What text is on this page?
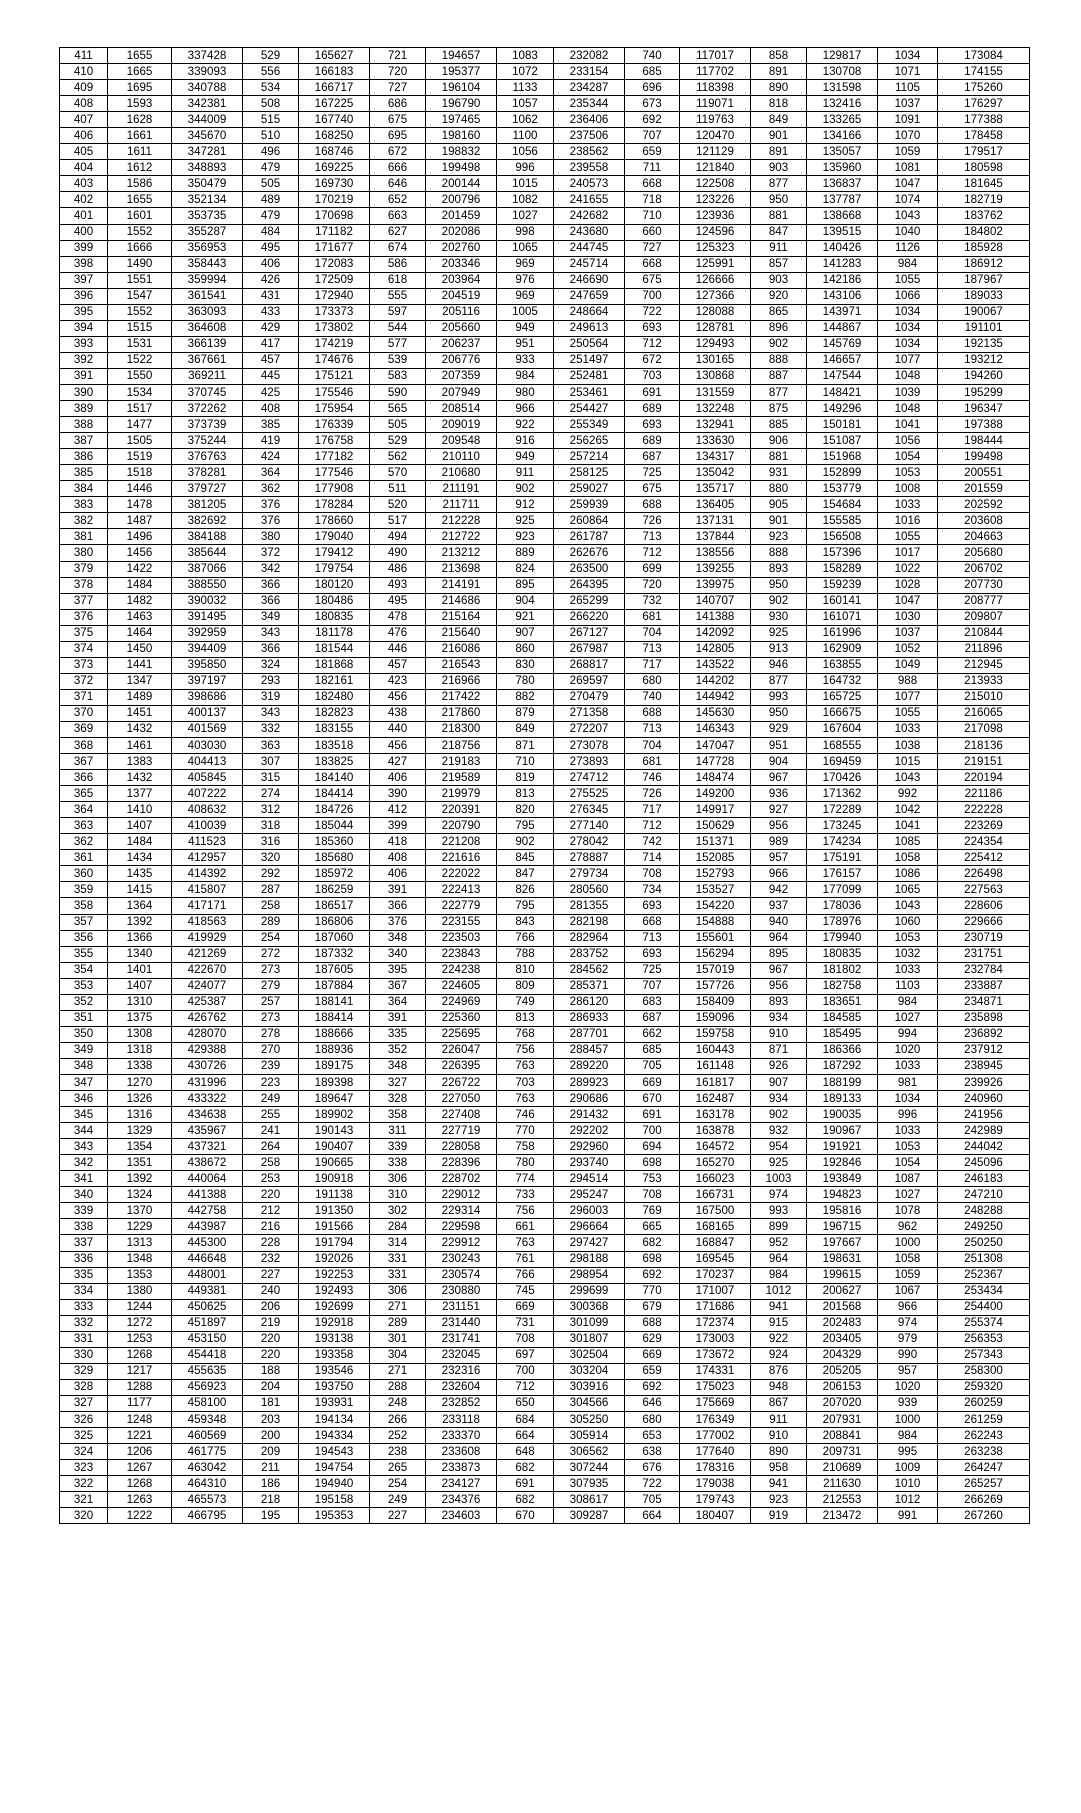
411	1655	337428	529	165627	721	194657	1083	232082	740	117017	858	129817	1034	173084
410	1665	339093	556	166183	720	195377	1072	233154	685	117702	891	130708	1071	174155
409	1695	340788	534	166717	727	196104	1133	234287	696	118398	890	131598	1105	175260
408	1593	342381	508	167225	686	196790	1057	235344	673	119071	818	132416	1037	176297
407	1628	344009	515	167740	675	197465	1062	236406	692	119763	849	133265	1091	177388
406	1661	345670	510	168250	695	198160	1100	237506	707	120470	901	134166	1070	178458
405	1611	347281	496	168746	672	198832	1056	238562	659	121129	891	135057	1059	179517
404	1612	348893	479	169225	666	199498	996	239558	711	121840	903	135960	1081	180598
403	1586	350479	505	169730	646	200144	1015	240573	668	122508	877	136837	1047	181645
402	1655	352134	489	170219	652	200796	1082	241655	718	123226	950	137787	1074	182719
401	1601	353735	479	170698	663	201459	1027	242682	710	123936	881	138668	1043	183762
400	1552	355287	484	171182	627	202086	998	243680	660	124596	847	139515	1040	184802
399	1666	356953	495	171677	674	202760	1065	244745	727	125323	911	140426	1126	185928
398	1490	358443	406	172083	586	203346	969	245714	668	125991	857	141283	984	186912
397	1551	359994	426	172509	618	203964	976	246690	675	126666	903	142186	1055	187967
396	1547	361541	431	172940	555	204519	969	247659	700	127366	920	143106	1066	189033
395	1552	363093	433	173373	597	205116	1005	248664	722	128088	865	143971	1034	190067
394	1515	364608	429	173802	544	205660	949	249613	693	128781	896	144867	1034	191101
393	1531	366139	417	174219	577	206237	951	250564	712	129493	902	145769	1034	192135
392	1522	367661	457	174676	539	206776	933	251497	672	130165	888	146657	1077	193212
391	1550	369211	445	175121	583	207359	984	252481	703	130868	887	147544	1048	194260
390	1534	370745	425	175546	590	207949	980	253461	691	131559	877	148421	1039	195299
389	1517	372262	408	175954	565	208514	966	254427	689	132248	875	149296	1048	196347
388	1477	373739	385	176339	505	209019	922	255349	693	132941	885	150181	1041	197388
387	1505	375244	419	176758	529	209548	916	256265	689	133630	906	151087	1056	198444
386	1519	376763	424	177182	562	210110	949	257214	687	134317	881	151968	1054	199498
385	1518	378281	364	177546	570	210680	911	258125	725	135042	931	152899	1053	200551
384	1446	379727	362	177908	511	211191	902	259027	675	135717	880	153779	1008	201559
383	1478	381205	376	178284	520	211711	912	259939	688	136405	905	154684	1033	202592
382	1487	382692	376	178660	517	212228	925	260864	726	137131	901	155585	1016	203608
381	1496	384188	380	179040	494	212722	923	261787	713	137844	923	156508	1055	204663
380	1456	385644	372	179412	490	213212	889	262676	712	138556	888	157396	1017	205680
379	1422	387066	342	179754	486	213698	824	263500	699	139255	893	158289	1022	206702
378	1484	388550	366	180120	493	214191	895	264395	720	139975	950	159239	1028	207730
377	1482	390032	366	180486	495	214686	904	265299	732	140707	902	160141	1047	208777
376	1463	391495	349	180835	478	215164	921	266220	681	141388	930	161071	1030	209807
375	1464	392959	343	181178	476	215640	907	267127	704	142092	925	161996	1037	210844
374	1450	394409	366	181544	446	216086	860	267987	713	142805	913	162909	1052	211896
373	1441	395850	324	181868	457	216543	830	268817	717	143522	946	163855	1049	212945
372	1347	397197	293	182161	423	216966	780	269597	680	144202	877	164732	988	213933
371	1489	398686	319	182480	456	217422	882	270479	740	144942	993	165725	1077	215010
370	1451	400137	343	182823	438	217860	879	271358	688	145630	950	166675	1055	216065
369	1432	401569	332	183155	440	218300	849	272207	713	146343	929	167604	1033	217098
368	1461	403030	363	183518	456	218756	871	273078	704	147047	951	168555	1038	218136
367	1383	404413	307	183825	427	219183	710	273893	681	147728	904	169459	1015	219151
366	1432	405845	315	184140	406	219589	819	274712	746	148474	967	170426	1043	220194
365	1377	407222	274	184414	390	219979	813	275525	726	149200	936	171362	992	221186
364	1410	408632	312	184726	412	220391	820	276345	717	149917	927	172289	1042	222228
363	1407	410039	318	185044	399	220790	795	277140	712	150629	956	173245	1041	223269
362	1484	411523	316	185360	418	221208	902	278042	742	151371	989	174234	1085	224354
361	1434	412957	320	185680	408	221616	845	278887	714	152085	957	175191	1058	225412
360	1435	414392	292	185972	406	222022	847	279734	708	152793	966	176157	1086	226498
359	1415	415807	287	186259	391	222413	826	280560	734	153527	942	177099	1065	227563
358	1364	417171	258	186517	366	222779	795	281355	693	154220	937	178036	1043	228606
357	1392	418563	289	186806	376	223155	843	282198	668	154888	940	178976	1060	229666
356	1366	419929	254	187060	348	223503	766	282964	713	155601	964	179940	1053	230719
355	1340	421269	272	187332	340	223843	788	283752	693	156294	895	180835	1032	231751
354	1401	422670	273	187605	395	224238	810	284562	725	157019	967	181802	1033	232784
353	1407	424077	279	187884	367	224605	809	285371	707	157726	956	182758	1103	233887
352	1310	425387	257	188141	364	224969	749	286120	683	158409	893	183651	984	234871
351	1375	426762	273	188414	391	225360	813	286933	687	159096	934	184585	1027	235898
350	1308	428070	278	188666	335	225695	768	287701	662	159758	910	185495	994	236892
349	1318	429388	270	188936	352	226047	756	288457	685	160443	871	186366	1020	237912
348	1338	430726	239	189175	348	226395	763	289220	705	161148	926	187292	1033	238945
347	1270	431996	223	189398	327	226722	703	289923	669	161817	907	188199	981	239926
346	1326	433322	249	189647	328	227050	763	290686	670	162487	934	189133	1034	240960
345	1316	434638	255	189902	358	227408	746	291432	691	163178	902	190035	996	241956
344	1329	435967	241	190143	311	227719	770	292202	700	163878	932	190967	1033	242989
343	1354	437321	264	190407	339	228058	758	292960	694	164572	954	191921	1053	244042
342	1351	438672	258	190665	338	228396	780	293740	698	165270	925	192846	1054	245096
341	1392	440064	253	190918	306	228702	774	294514	753	166023	1003	193849	1087	246183
340	1324	441388	220	191138	310	229012	733	295247	708	166731	974	194823	1027	247210
339	1370	442758	212	191350	302	229314	756	296003	769	167500	993	195816	1078	248288
338	1229	443987	216	191566	284	229598	661	296664	665	168165	899	196715	962	249250
337	1313	445300	228	191794	314	229912	763	297427	682	168847	952	197667	1000	250250
336	1348	446648	232	192026	331	230243	761	298188	698	169545	964	198631	1058	251308
335	1353	448001	227	192253	331	230574	766	298954	692	170237	984	199615	1059	252367
334	1380	449381	240	192493	306	230880	745	299699	770	171007	1012	200627	1067	253434
333	1244	450625	206	192699	271	231151	669	300368	679	171686	941	201568	966	254400
332	1272	451897	219	192918	289	231440	731	301099	688	172374	915	202483	974	255374
331	1253	453150	220	193138	301	231741	708	301807	629	173003	922	203405	979	256353
330	1268	454418	220	193358	304	232045	697	302504	669	173672	924	204329	990	257343
329	1217	455635	188	193546	271	232316	700	303204	659	174331	876	205205	957	258300
328	1288	456923	204	193750	288	232604	712	303916	692	175023	948	206153	1020	259320
327	1177	458100	181	193931	248	232852	650	304566	646	175669	867	207020	939	260259
326	1248	459348	203	194134	266	233118	684	305250	680	176349	911	207931	1000	261259
325	1221	460569	200	194334	252	233370	664	305914	653	177002	910	208841	984	262243
324	1206	461775	209	194543	238	233608	648	306562	638	177640	890	209731	995	263238
323	1267	463042	211	194754	265	233873	682	307244	676	178316	958	210689	1009	264247
322	1268	464310	186	194940	254	234127	691	307935	722	179038	941	211630	1010	265257
321	1263	465573	218	195158	249	234376	682	308617	705	179743	923	212553	1012	266269
320	1222	466795	195	195353	227	234603	670	309287	664	180407	919	213472	991	267260
